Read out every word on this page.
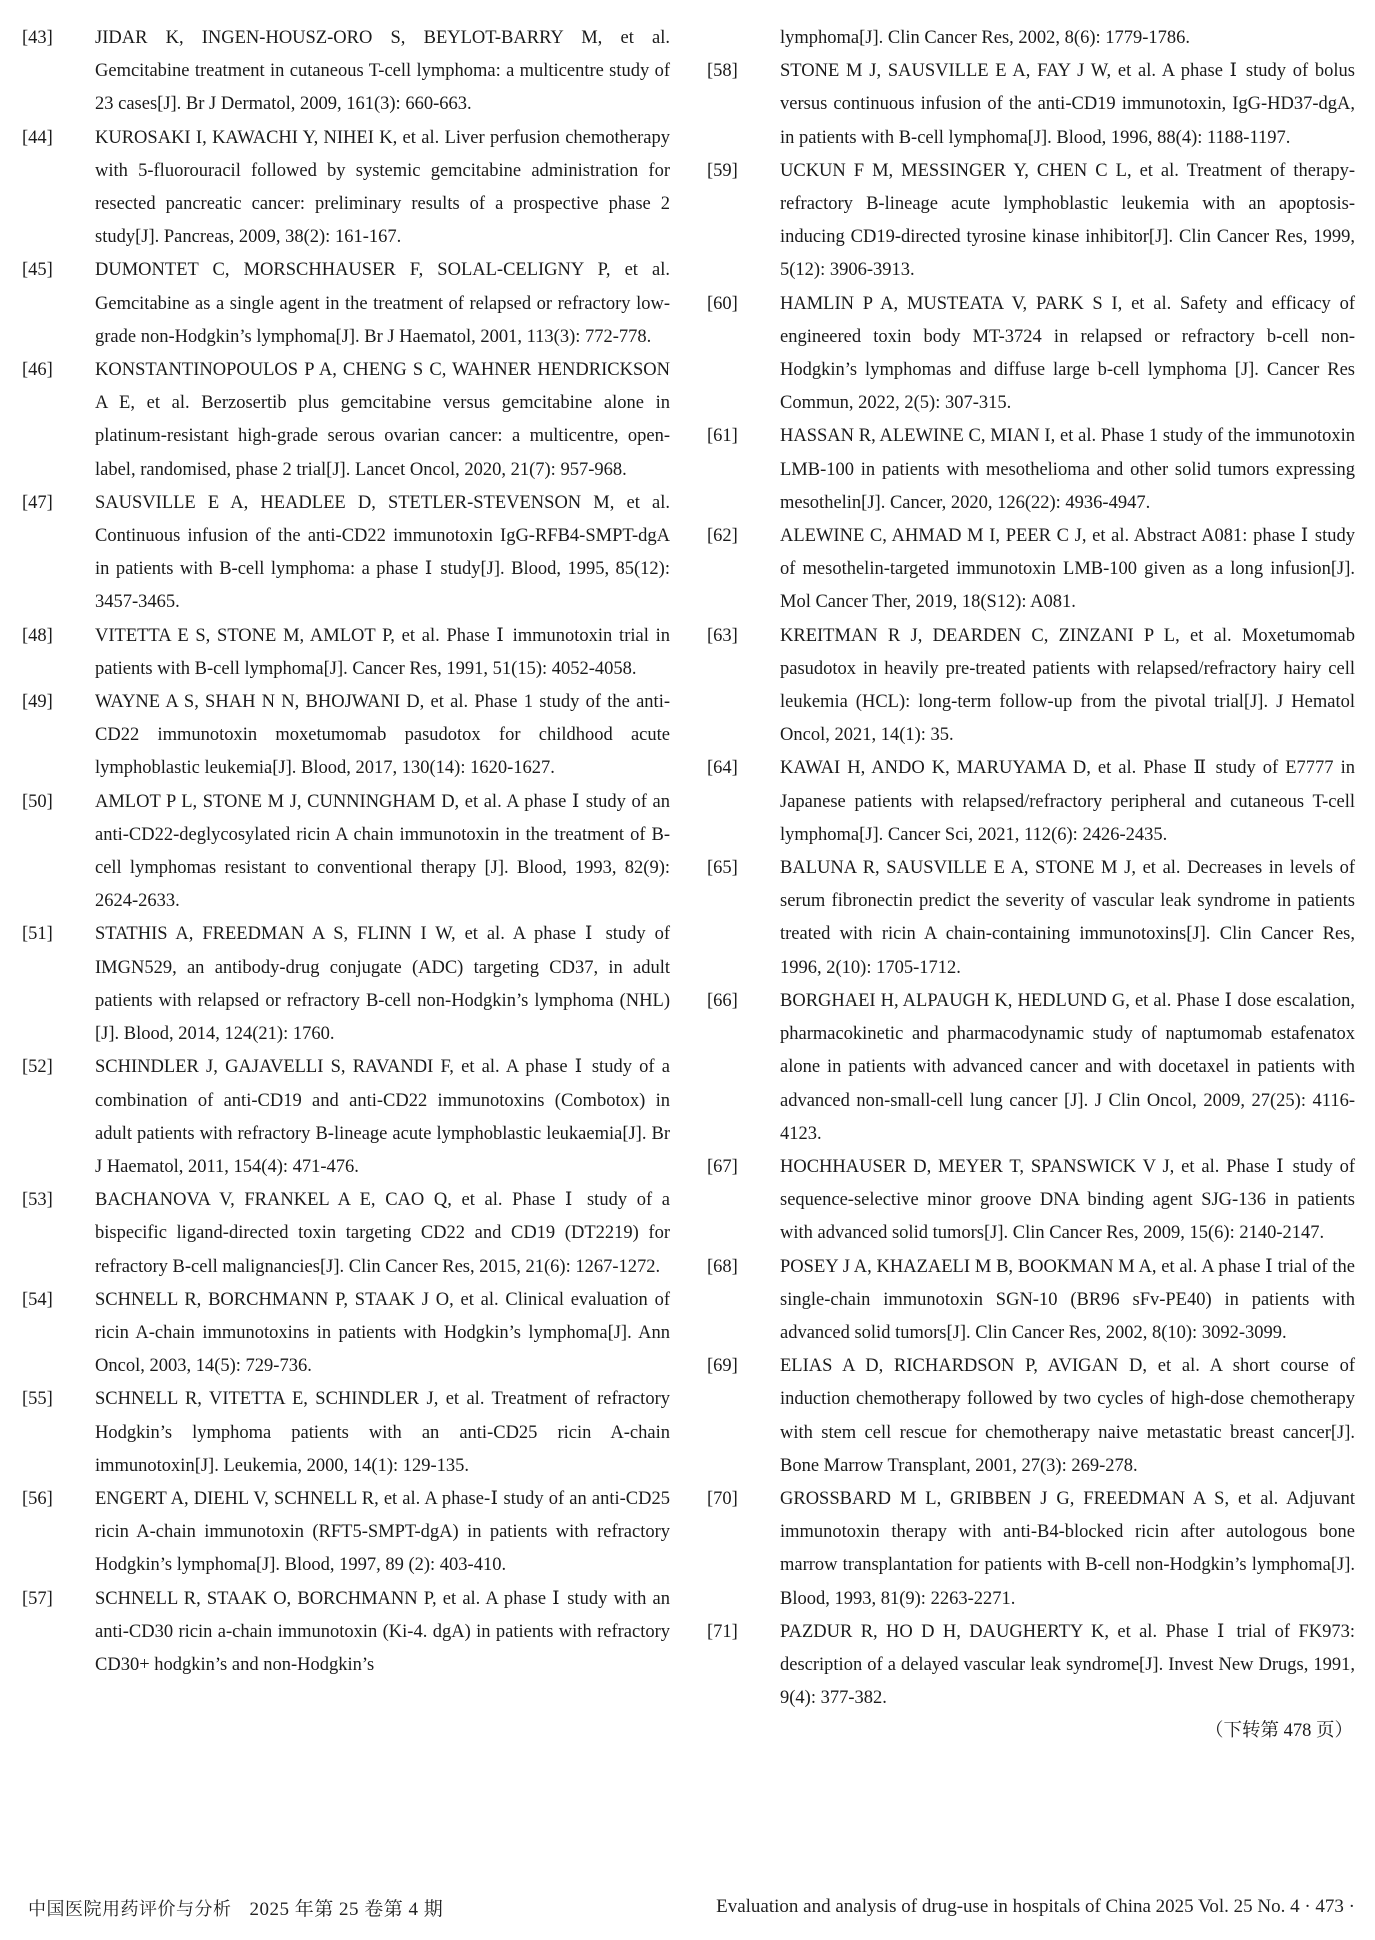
[43]	JIDAR K, INGEN-HOUSZ-ORO S, BEYLOT-BARRY M, et al. Gemcitabine treatment in cutaneous T-cell lymphoma: a multicentre study of 23 cases[J]. Br J Dermatol, 2009, 161(3): 660-663.
[44]	KUROSAKI I, KAWACHI Y, NIHEI K, et al. Liver perfusion chemotherapy with 5-fluorouracil followed by systemic gemcitabine administration for resected pancreatic cancer: preliminary results of a prospective phase 2 study[J]. Pancreas, 2009, 38(2): 161-167.
[45]	DUMONTET C, MORSCHHAUSER F, SOLAL-CELIGNY P, et al. Gemcitabine as a single agent in the treatment of relapsed or refractory low-grade non-Hodgkin’s lymphoma[J]. Br J Haematol, 2001, 113(3): 772-778.
[46]	KONSTANTINOPOULOS P A, CHENG S C, WAHNER HENDRICKSON A E, et al. Berzosertib plus gemcitabine versus gemcitabine alone in platinum-resistant high-grade serous ovarian cancer: a multicentre, open-label, randomised, phase 2 trial[J]. Lancet Oncol, 2020, 21(7): 957-968.
[47]	SAUSVILLE E A, HEADLEE D, STETLER-STEVENSON M, et al. Continuous infusion of the anti-CD22 immunotoxin IgG-RFB4-SMPT-dgA in patients with B-cell lymphoma: a phase Ⅰ study[J]. Blood, 1995, 85(12): 3457-3465.
[48]	VITETTA E S, STONE M, AMLOT P, et al. Phase Ⅰ immunotoxin trial in patients with B-cell lymphoma[J]. Cancer Res, 1991, 51(15): 4052-4058.
[49]	WAYNE A S, SHAH N N, BHOJWANI D, et al. Phase 1 study of the anti-CD22 immunotoxin moxetumomab pasudotox for childhood acute lymphoblastic leukemia[J]. Blood, 2017, 130(14): 1620-1627.
[50]	AMLOT P L, STONE M J, CUNNINGHAM D, et al. A phase Ⅰ study of an anti-CD22-deglycosylated ricin A chain immunotoxin in the treatment of B-cell lymphomas resistant to conventional therapy [J]. Blood, 1993, 82(9): 2624-2633.
[51]	STATHIS A, FREEDMAN A S, FLINN I W, et al. A phase Ⅰ study of IMGN529, an antibody-drug conjugate (ADC) targeting CD37, in adult patients with relapsed or refractory B-cell non-Hodgkin’s lymphoma (NHL)[J]. Blood, 2014, 124(21): 1760.
[52]	SCHINDLER J, GAJAVELLI S, RAVANDI F, et al. A phase Ⅰ study of a combination of anti-CD19 and anti-CD22 immunotoxins (Combotox) in adult patients with refractory B-lineage acute lymphoblastic leukaemia[J]. Br J Haematol, 2011, 154(4): 471-476.
[53]	BACHANOVA V, FRANKEL A E, CAO Q, et al. Phase Ⅰ study of a bispecific ligand-directed toxin targeting CD22 and CD19 (DT2219) for refractory B-cell malignancies[J]. Clin Cancer Res, 2015, 21(6): 1267-1272.
[54]	SCHNELL R, BORCHMANN P, STAAK J O, et al. Clinical evaluation of ricin A-chain immunotoxins in patients with Hodgkin’s lymphoma[J]. Ann Oncol, 2003, 14(5): 729-736.
[55]	SCHNELL R, VITETTA E, SCHINDLER J, et al. Treatment of refractory Hodgkin’s lymphoma patients with an anti-CD25 ricin A-chain immunotoxin[J]. Leukemia, 2000, 14(1): 129-135.
[56]	ENGERT A, DIEHL V, SCHNELL R, et al. A phase-Ⅰ study of an anti-CD25 ricin A-chain immunotoxin (RFT5-SMPT-dgA) in patients with refractory Hodgkin’s lymphoma[J]. Blood, 1997, 89 (2): 403-410.
[57]	SCHNELL R, STAAK O, BORCHMANN P, et al. A phase Ⅰ study with an anti-CD30 ricin a-chain immunotoxin (Ki-4. dgA) in patients with refractory CD30+ hodgkin’s and non-Hodgkin’s
lymphoma[J]. Clin Cancer Res, 2002, 8(6): 1779-1786.
[58]	STONE M J, SAUSVILLE E A, FAY J W, et al. A phase Ⅰ study of bolus versus continuous infusion of the anti-CD19 immunotoxin, IgG-HD37-dgA, in patients with B-cell lymphoma[J]. Blood, 1996, 88(4): 1188-1197.
[59]	UCKUN F M, MESSINGER Y, CHEN C L, et al. Treatment of therapy-refractory B-lineage acute lymphoblastic leukemia with an apoptosis-inducing CD19-directed tyrosine kinase inhibitor[J]. Clin Cancer Res, 1999, 5(12): 3906-3913.
[60]	HAMLIN P A, MUSTEATA V, PARK S I, et al. Safety and efficacy of engineered toxin body MT-3724 in relapsed or refractory b-cell non-Hodgkin’s lymphomas and diffuse large b-cell lymphoma [J]. Cancer Res Commun, 2022, 2(5): 307-315.
[61]	HASSAN R, ALEWINE C, MIAN I, et al. Phase 1 study of the immunotoxin LMB-100 in patients with mesothelioma and other solid tumors expressing mesothelin[J]. Cancer, 2020, 126(22): 4936-4947.
[62]	ALEWINE C, AHMAD M I, PEER C J, et al. Abstract A081: phase Ⅰ study of mesothelin-targeted immunotoxin LMB-100 given as a long infusion[J]. Mol Cancer Ther, 2019, 18(S12): A081.
[63]	KREITMAN R J, DEARDEN C, ZINZANI P L, et al. Moxetumomab pasudotox in heavily pre-treated patients with relapsed/refractory hairy cell leukemia (HCL): long-term follow-up from the pivotal trial[J]. J Hematol Oncol, 2021, 14(1): 35.
[64]	KAWAI H, ANDO K, MARUYAMA D, et al. Phase Ⅱ study of E7777 in Japanese patients with relapsed/refractory peripheral and cutaneous T-cell lymphoma[J]. Cancer Sci, 2021, 112(6): 2426-2435.
[65]	BALUNA R, SAUSVILLE E A, STONE M J, et al. Decreases in levels of serum fibronectin predict the severity of vascular leak syndrome in patients treated with ricin A chain-containing immunotoxins[J]. Clin Cancer Res, 1996, 2(10): 1705-1712.
[66]	BORGHAEI H, ALPAUGH K, HEDLUND G, et al. Phase Ⅰ dose escalation, pharmacokinetic and pharmacodynamic study of naptumomab estafenatox alone in patients with advanced cancer and with docetaxel in patients with advanced non-small-cell lung cancer [J]. J Clin Oncol, 2009, 27(25): 4116-4123.
[67]	HOCHHAUSER D, MEYER T, SPANSWICK V J, et al. Phase Ⅰ study of sequence-selective minor groove DNA binding agent SJG-136 in patients with advanced solid tumors[J]. Clin Cancer Res, 2009, 15(6): 2140-2147.
[68]	POSEY J A, KHAZAELI M B, BOOKMAN M A, et al. A phase Ⅰ trial of the single-chain immunotoxin SGN-10 (BR96 sFv-PE40) in patients with advanced solid tumors[J]. Clin Cancer Res, 2002, 8(10): 3092-3099.
[69]	ELIAS A D, RICHARDSON P, AVIGAN D, et al. A short course of induction chemotherapy followed by two cycles of high-dose chemotherapy with stem cell rescue for chemotherapy naive metastatic breast cancer[J]. Bone Marrow Transplant, 2001, 27(3): 269-278.
[70]	GROSSBARD M L, GRIBBEN J G, FREEDMAN A S, et al. Adjuvant immunotoxin therapy with anti-B4-blocked ricin after autologous bone marrow transplantation for patients with B-cell non-Hodgkin’s lymphoma[J]. Blood, 1993, 81(9): 2263-2271.
[71]	PAZDUR R, HO D H, DAUGHERTY K, et al. Phase Ⅰ trial of FK973: description of a delayed vascular leak syndrome[J]. Invest New Drugs, 1991, 9(4): 377-382.
（下转第 478 页）
中国医院用药评价与分析 2025 年第 25 卷第 4 期	Evaluation and analysis of drug-use in hospitals of China 2025 Vol. 25 No. 4 · 473 ·
